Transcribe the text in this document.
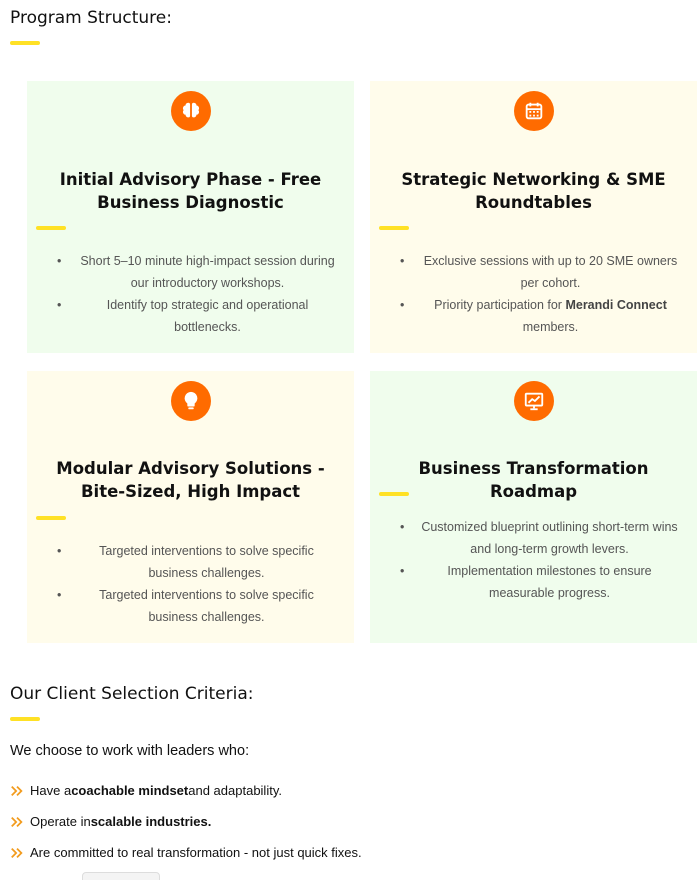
Program Structure:
Initial Advisory Phase - Free Business Diagnostic
• Short 5–10 minute high-impact session during our introductory workshops.
• Identify top strategic and operational bottlenecks.
Strategic Networking & SME Roundtables
• Exclusive sessions with up to 20 SME owners per cohort.
• Priority participation for Merandi Connect members.
Modular Advisory Solutions - Bite-Sized, High Impact
• Targeted interventions to solve specific business challenges.
• Targeted interventions to solve specific business challenges.
Business Transformation Roadmap
• Customized blueprint outlining short-term wins and long-term growth levers.
• Implementation milestones to ensure measurable progress.
Our Client Selection Criteria:

We choose to work with leaders who:

Have a coachable mindset and adaptability.
Operate in scalable industries.
Are committed to real transformation - not just quick fixes.
